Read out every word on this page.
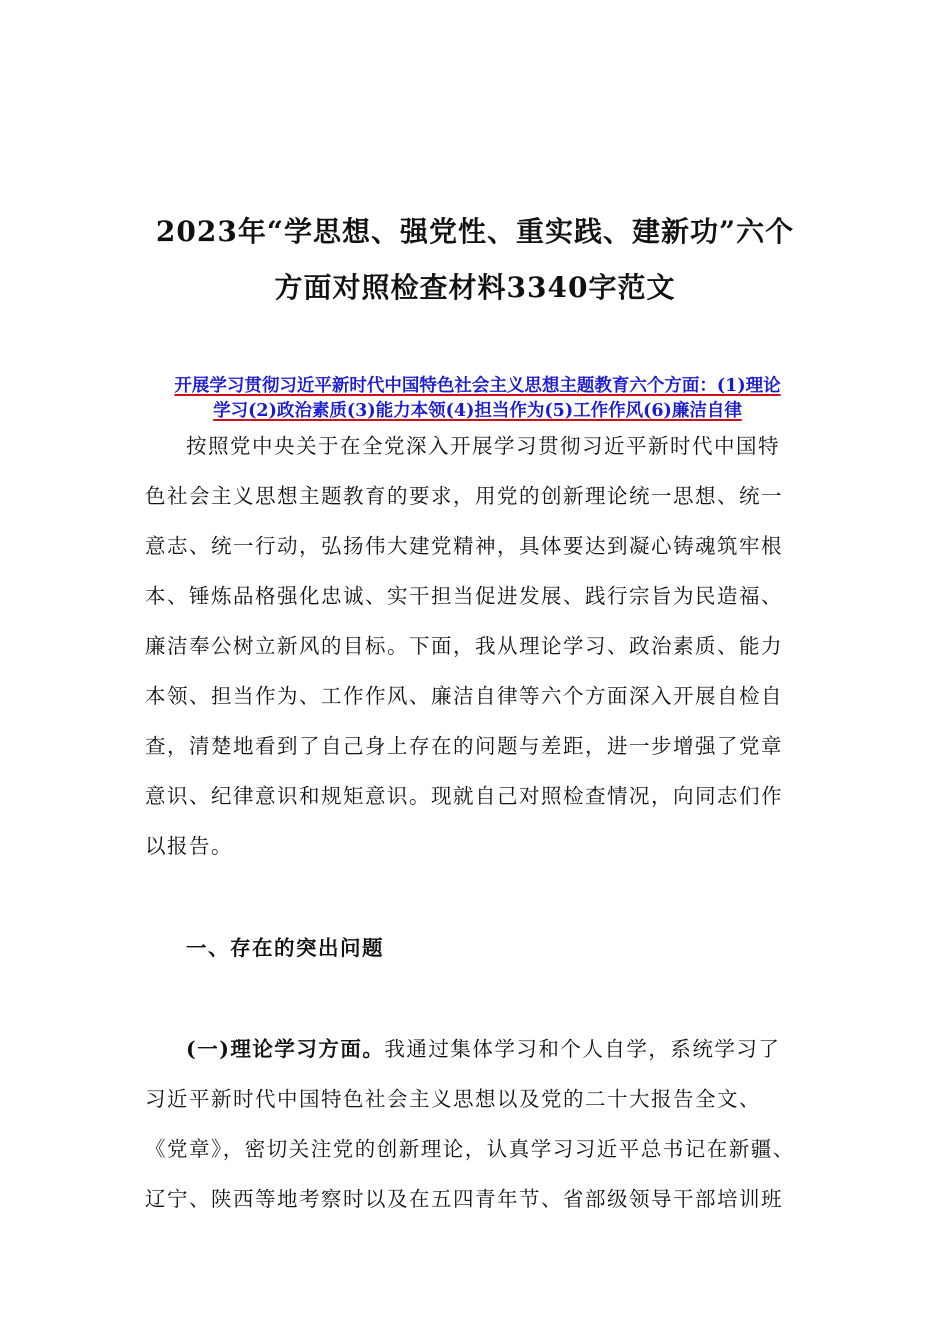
2023年“学思想、强党性、重实践、建新功”六个
方面对照检查材料3340字范文
开展学习贯彻习近平新时代中国特色社会主义思想主题教育六个方面：(1)理论
学习(2)政治素质(3)能力本领(4)担当作为(5)工作作风(6)廉洁自律
按照党中央关于在全党深入开展学习贯彻习近平新时代中国特
色社会主义思想主题教育的要求，用党的创新理论统一思想、统一
意志、统一行动，弘扬伟大建党精神，具体要达到凝心铸魂筑牢根
本、锤炼品格强化忠诚、实干担当促进发展、践行宗旨为民造福、
廉洁奉公树立新风的目标。下面，我从理论学习、政治素质、能力
本领、担当作为、工作作风、廉洁自律等六个方面深入开展自检自
查，清楚地看到了自己身上存在的问题与差距，进一步增强了党章
意识、纪律意识和规矩意识。现就自己对照检查情况，向同志们作
以报告。
一、存在的突出问题
(一)理论学习方面。我通过集体学习和个人自学，系统学习了
习近平新时代中国特色社会主义思想以及党的二十大报告全文、
《党章》，密切关注党的创新理论，认真学习习近平总书记在新疆、
辽宁、陕西等地考察时以及在五四青年节、省部级领导干部培训班
